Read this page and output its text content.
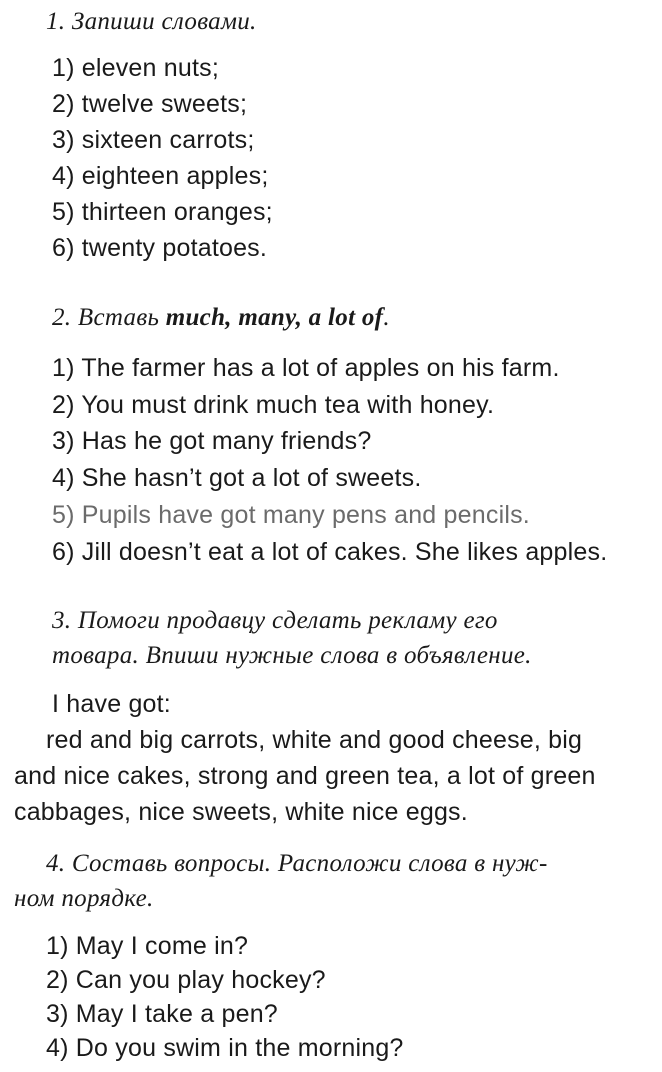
1. Запиши словами.
1) eleven nuts;
2) twelve sweets;
3) sixteen carrots;
4) eighteen apples;
5) thirteen oranges;
6) twenty potatoes.
2. Вставь much, many, a lot of.
1) The farmer has a lot of apples on his farm.
2) You must drink much tea with honey.
3) Has he got many friends?
4) She hasn’t got a lot of sweets.
5) Pupils have got many pens and pencils.
6) Jill doesn’t eat a lot of cakes. She likes apples.
3. Помоги продавцу сделать рекламу его
товара. Впиши нужные слова в объявление.
I have got:
red and big carrots, white and good cheese, big
and nice cakes, strong and green tea, a lot of green
cabbages, nice sweets, white nice eggs.
4. Составь вопросы. Расположи слова в нуж-
ном порядке.
1) May I come in?
2) Can you play hockey?
3) May I take a pen?
4) Do you swim in the morning?
